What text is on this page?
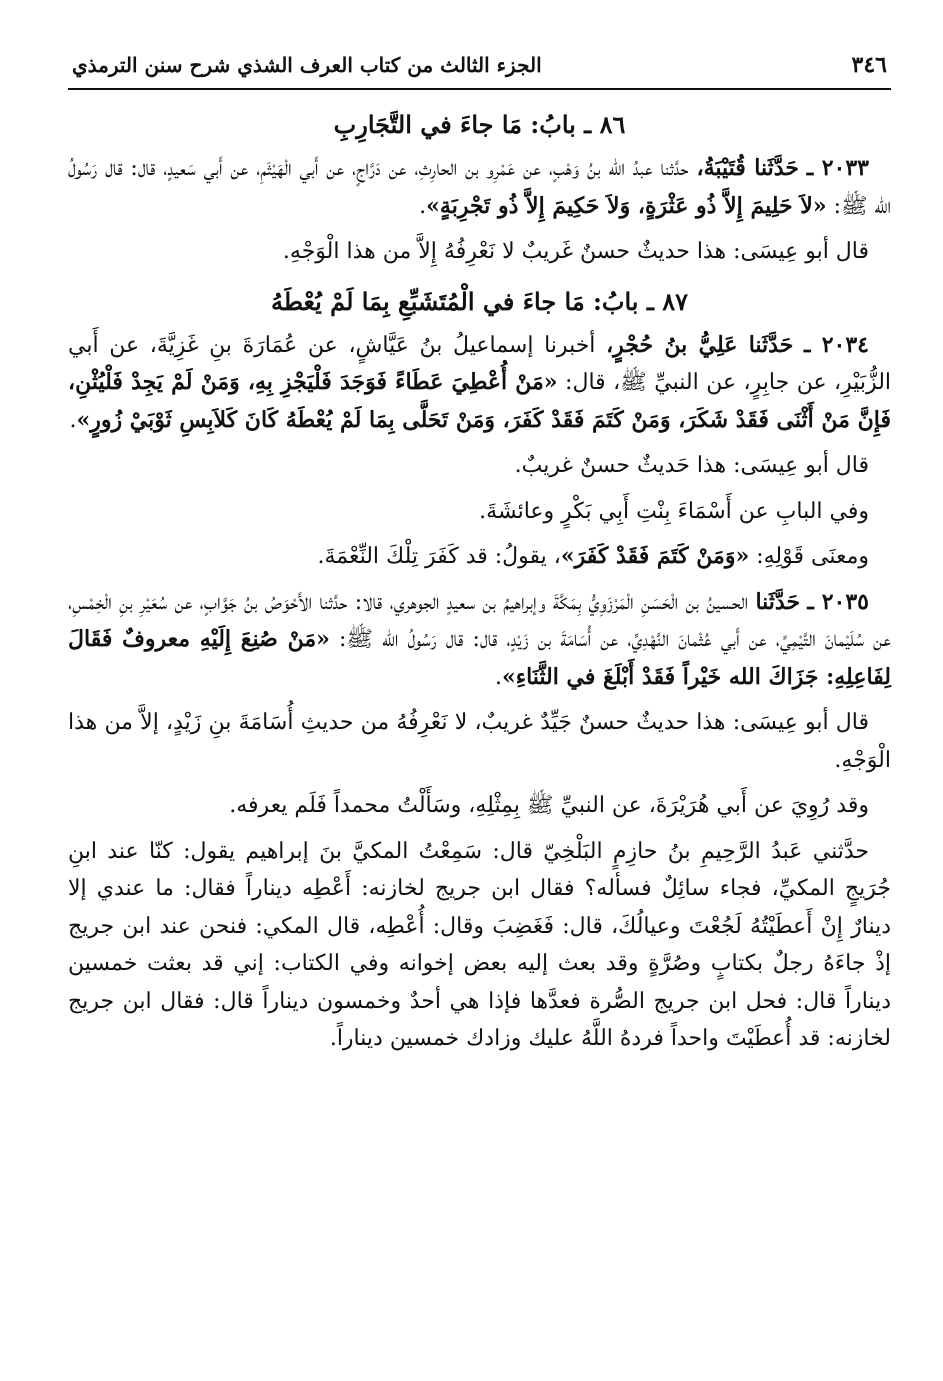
٣٤٦
الجزء الثالث من كتاب العرف الشذي شرح سنن الترمذي
٨٦ ـ بابُ: مَا جاءَ في التَّجَارِبِ

٢٠٣٣ ـ حَدَّثَنا قُتَيْبَةُ، حدَّثنا عبدُ الله بنُ وَهْبٍ، عن عَمْرِو بن الحارِثِ، عن دَرَّاجٍ، عن أَبي الْهَيْثَمِ، عن أَبي سَعيدٍ، قال: قال رَسُولُ الله ﷺ: «لاَ حَلِيمَ إِلاَّ ذُو عَثْرَةٍ، وَلاَ حَكِيمَ إِلاَّ ذُو تَجْرِبَةٍ».

قال أبو عِيسَى: هذا حديثٌ حسنٌ غَريبٌ لا نَعْرِفُهُ إِلاَّ من هذا الْوَجْهِ.

٨٧ ـ بابُ: مَا جاءَ في الْمُتَشَبِّعِ بِمَا لَمْ يُعْطَهُ

٢٠٣٤ ـ حَدَّثَنا عَلِيُّ بنُ حُجْرٍ، أخبرنا إسماعيلُ بنُ عَيَّاشٍ، عن عُمَارَةَ بنِ غَزِيَّةَ، عن أَبي الزُّبَيْرِ، عن جابِرٍ، عن النبيِّ ﷺ، قال: «مَنْ أُعْطِيَ عَطَاءً فَوَجَدَ فَلْيَجْزِ بِهِ، وَمَنْ لَمْ يَجِدْ فَلْيُثْنِ، فَإِنَّ مَنْ أَثْنَى فَقَدْ شَكَرَ، وَمَنْ كَتَمَ فَقَدْ كَفَرَ، وَمَنْ تَحَلَّى بِمَا لَمْ يُعْطَهُ كَانَ كَلاَبِسِ ثَوْبَيْ زُورٍ».

قال أبو عِيسَى: هذا حَديثٌ حسنٌ غريبٌ.

وفي البابِ عن أَسْمَاءَ بِنْتِ أَبِي بَكْرٍ وعائشَةَ.

ومعنَى قَوْلِهِ: «وَمَنْ كَتَمَ فَقَدْ كَفَرَ»، يقولُ: قد كَفَرَ تِلْكَ النِّعْمَةَ.

٢٠٣٥ ـ حَدَّثَنا الحسينُ بن الْحَسَنِ الْمَرْزَوِيُّ بِمَكَّةَ وإبراهيمُ بن سعيدٍ الجوهري، قالا: حدَّثنا الأَحْوَصُ بنُ جَوَّابٍ، عن سُعَيْرِ بنِ الْخِمْسِ، عن سُلَيْمانَ التَّيْمِيِّ، عن أَبي عُثْمانَ النَّهْدِيِّ، عن أُسَامَةَ بن زَيْدٍ، قال: قال رَسُولُ الله ﷺ: «مَنْ صُنِعَ إِلَيْهِ معروفٌ فَقَالَ لِفَاعِلِهِ: جَزَاكَ الله خَيْراً فَقَدْ أَبْلَغَ في الثَّنَاءِ».

قال أبو عِيسَى: هذا حديثٌ حسنٌ جَيِّدٌ غريبٌ، لا نَعْرِفُهُ من حديثِ أُسَامَةَ بنِ زَيْدٍ، إلاَّ من هذا الْوَجْهِ.

وقد رُوِيَ عن أَبي هُرَيْرَةَ، عن النبيِّ ﷺ بِمِثْلِهِ، وسَأَلْتُ محمداً فَلَم يعرفه.

حدَّثني عَبدُ الرَّحِيمِ بنُ حازِمٍ البَلْخِيّ قال: سَمِعْتُ المكيَّ بنَ إبراهيم يقول: كنّا عند ابنِ جُرَيجٍ المكيِّ، فجاء سائِلٌ فسأله؟ فقال ابن جريج لخازنه: أَعْطِه ديناراً فقال: ما عندي إلا دينارٌ إِنْ أَعطَيْتُهُ لَجُعْتَ وعيالُكَ، قال: فَغَضِبَ وقال: أُعْطِه، قال المكي: فنحن عند ابن جريج إذْ جاءَهُ رجلٌ بكتابٍ وصُرَّةٍ وقد بعث إليه بعض إخوانه وفي الكتاب: إني قد بعثت خمسين ديناراً قال: فحل ابن جريج الصُّرة فعدَّها فإذا هي أحدٌ وخمسون ديناراً قال: فقال ابن جريج لخازنه: قد أُعطَيْتَ واحداً فردهُ اللَّهُ عليك وزادك خمسين ديناراً.
